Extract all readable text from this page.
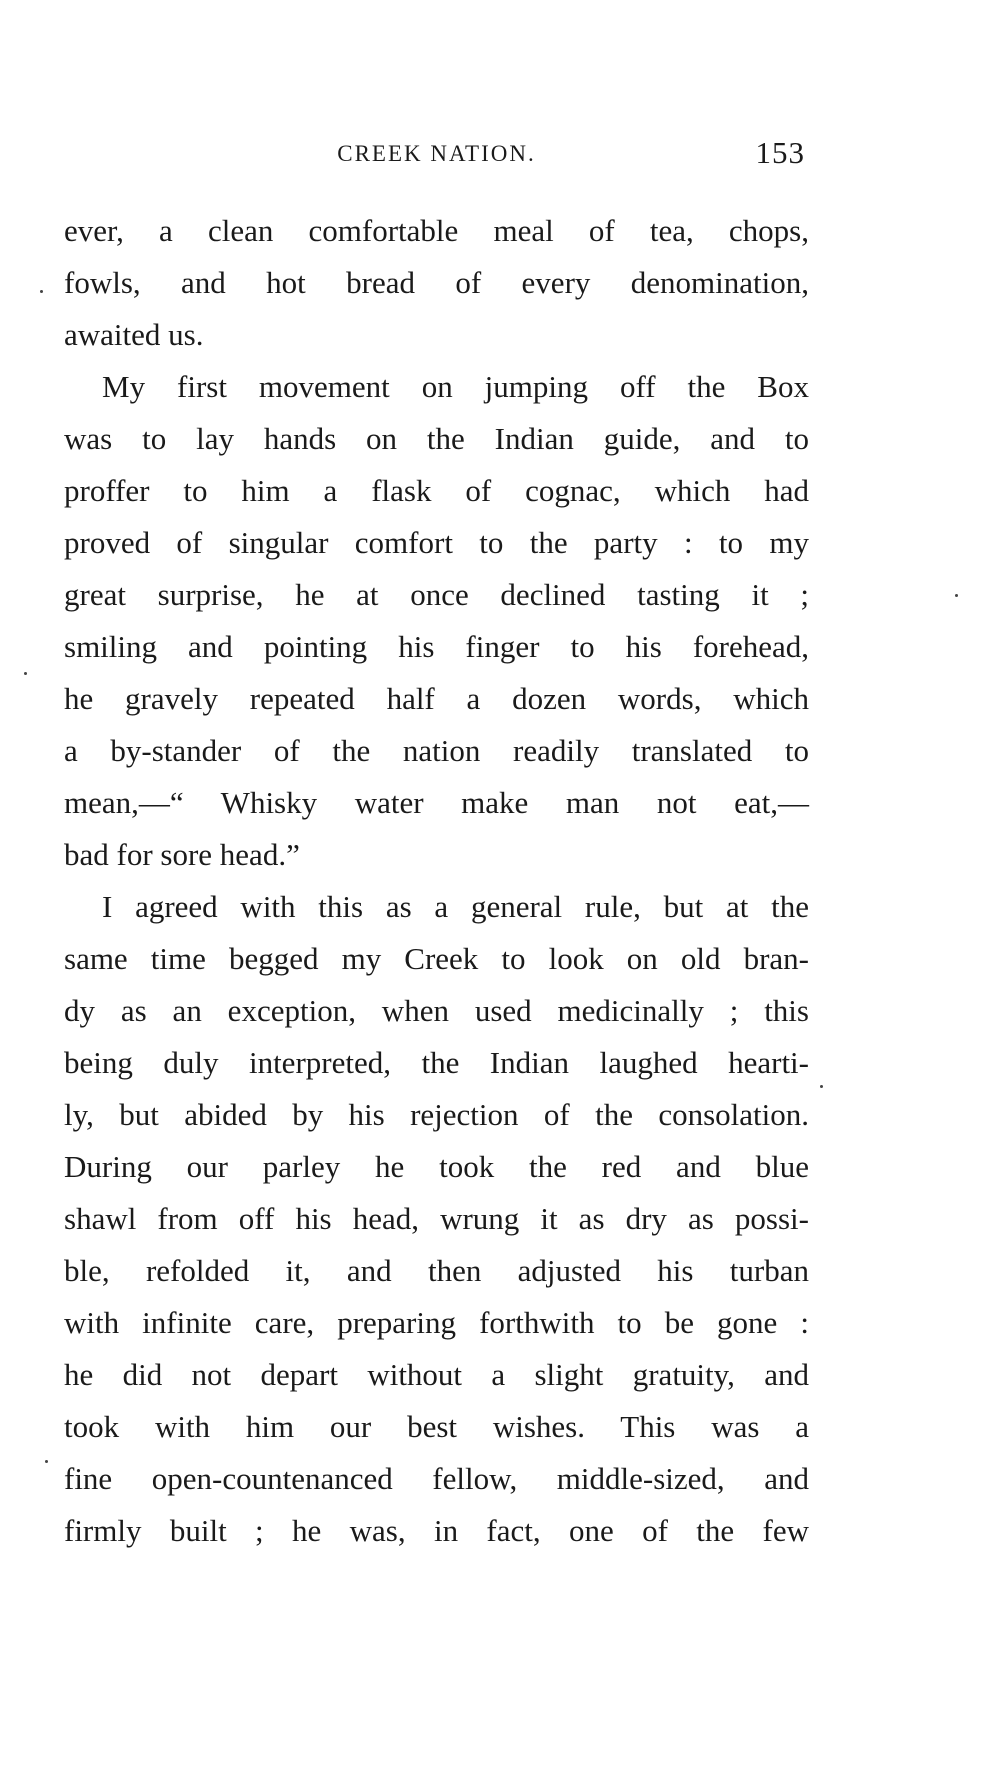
CREEK NATION.	153
ever, a clean comfortable meal of tea, chops,
fowls, and hot bread of every denomination,
awaited us.
My first movement on jumping off the Box
was to lay hands on the Indian guide, and to
proffer to him a flask of cognac, which had
proved of singular comfort to the party : to my
great surprise, he at once declined tasting it ;
smiling and pointing his finger to his forehead,
he gravely repeated half a dozen words, which
a by-stander of the nation readily translated to
mean,—“ Whisky water make man not eat,—
bad for sore head.”
I agreed with this as a general rule, but at the
same time begged my Creek to look on old bran-
dy as an exception, when used medicinally ; this
being duly interpreted, the Indian laughed hearti-
ly, but abided by his rejection of the consolation.
During our parley he took the red and blue
shawl from off his head, wrung it as dry as possi-
ble, refolded it, and then adjusted his turban
with infinite care, preparing forthwith to be gone :
he did not depart without a slight gratuity, and
took with him our best wishes. This was a
fine open-countenanced fellow, middle-sized, and
firmly built ; he was, in fact, one of the few
